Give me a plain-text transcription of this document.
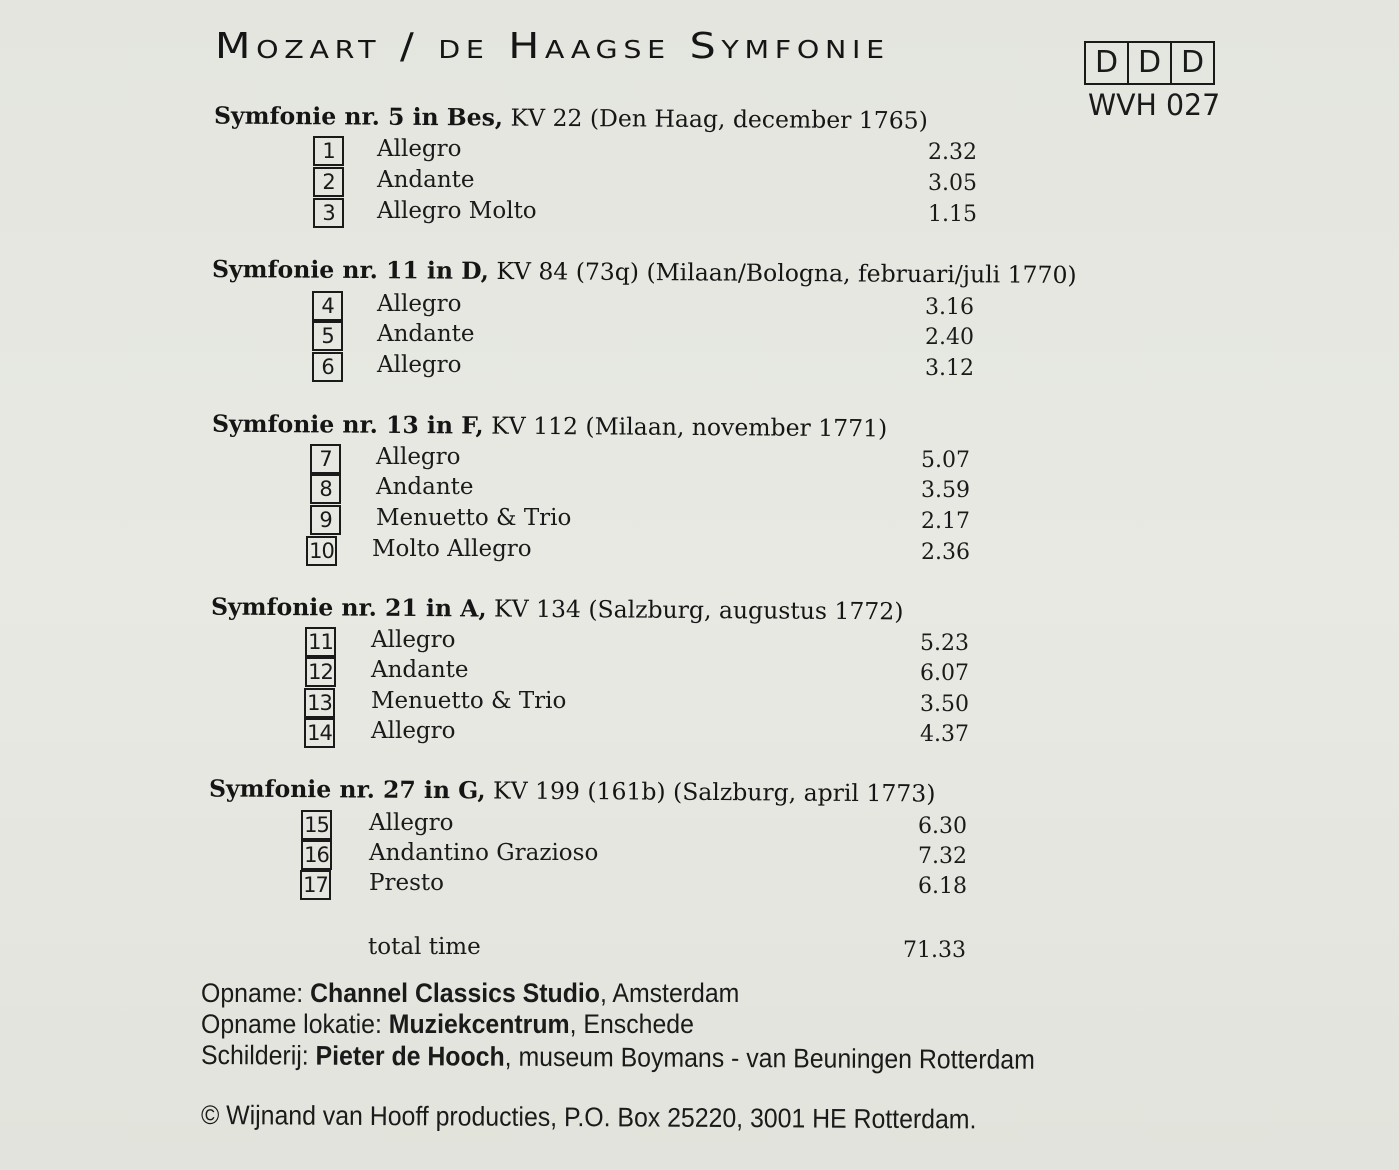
Mozart / de Haagse Symfonie	D D D
WVH 027
Symfonie nr. 5 in Bes, KV 22 (Den Haag, december 1765)
1	Allegro	2.32
2	Andante	3.05
3	Allegro Molto	1.15
Symfonie nr. 11 in D, KV 84 (73q) (Milaan/Bologna, februari/juli 1770)
4	Allegro	3.16
5	Andante	2.40
6	Allegro	3.12
Symfonie nr. 13 in F, KV 112 (Milaan, november 1771)
7	Allegro	5.07
8	Andante	3.59
9	Menuetto & Trio	2.17
10 Molto Allegro	2.36
Symfonie nr. 21 in A, KV 134 (Salzburg, augustus 1772)
11 Allegro	5.23
12 Andante	6.07
13 Menuetto & Trio	3.50
14 Allegro	4.37
Symfonie nr. 27 in G, KV 199 (161b) (Salzburg, april 1773)
15 Allegro	6.30
16 Andantino Grazioso	7.32
17 Presto	6.18
total time	71.33
Opname: Channel Classics Studio, Amsterdam
Opname lokatie: Muziekcentrum, Enschede
Schilderij: Pieter de Hooch, museum Boymans - van Beuningen Rotterdam
© Wijnand van Hooff producties, P.O. Box 25220, 3001 HE Rotterdam.
